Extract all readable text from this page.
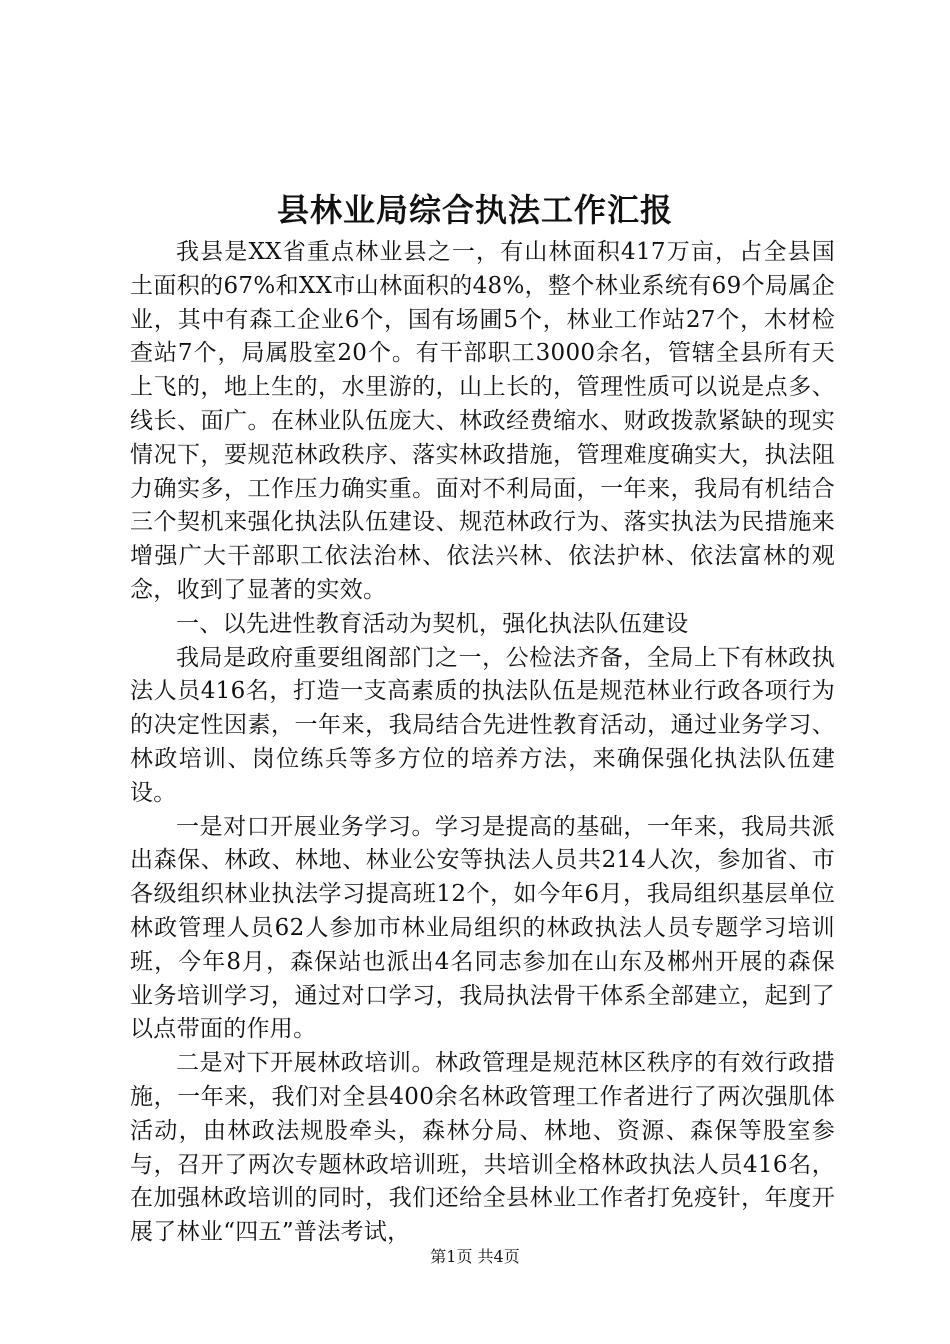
县林业局综合执法工作汇报

我县是XX省重点林业县之一，有山林面积417万亩，占全县国土面积的67%和XX市山林面积的48%，整个林业系统有69个局属企业，其中有森工企业6个，国有场圃5个，林业工作站27个，木材检查站7个，局属股室20个。有干部职工3000余名，管辖全县所有天上飞的，地上生的，水里游的，山上长的，管理性质可以说是点多、线长、面广。在林业队伍庞大、林政经费缩水、财政拨款紧缺的现实情况下，要规范林政秩序、落实林政措施，管理难度确实大，执法阻力确实多，工作压力确实重。面对不利局面，一年来，我局有机结合三个契机来强化执法队伍建设、规范林政行为、落实执法为民措施来增强广大干部职工依法治林、依法兴林、依法护林、依法富林的观念，收到了显著的实效。

一、以先进性教育活动为契机，强化执法队伍建设

我局是政府重要组阁部门之一，公检法齐备，全局上下有林政执法人员416名，打造一支高素质的执法队伍是规范林业行政各项行为的决定性因素，一年来，我局结合先进性教育活动，通过业务学习、林政培训、岗位练兵等多方位的培养方法，来确保强化执法队伍建设。

一是对口开展业务学习。学习是提高的基础，一年来，我局共派出森保、林政、林地、林业公安等执法人员共214人次，参加省、市各级组织林业执法学习提高班12个，如今年6月，我局组织基层单位林政管理人员62人参加市林业局组织的林政执法人员专题学习培训班，今年8月，森保站也派出4名同志参加在山东及郴州开展的森保业务培训学习，通过对口学习，我局执法骨干体系全部建立，起到了以点带面的作用。

二是对下开展林政培训。林政管理是规范林区秩序的有效行政措施，一年来，我们对全县400余名林政管理工作者进行了两次强肌体活动，由林政法规股牵头，森林分局、林地、资源、森保等股室参与，召开了两次专题林政培训班，共培训全格林政执法人员416名，在加强林政培训的同时，我们还给全县林业工作者打免疫针，年度开展了林业“四五”普法考试，

第1页 共4页
